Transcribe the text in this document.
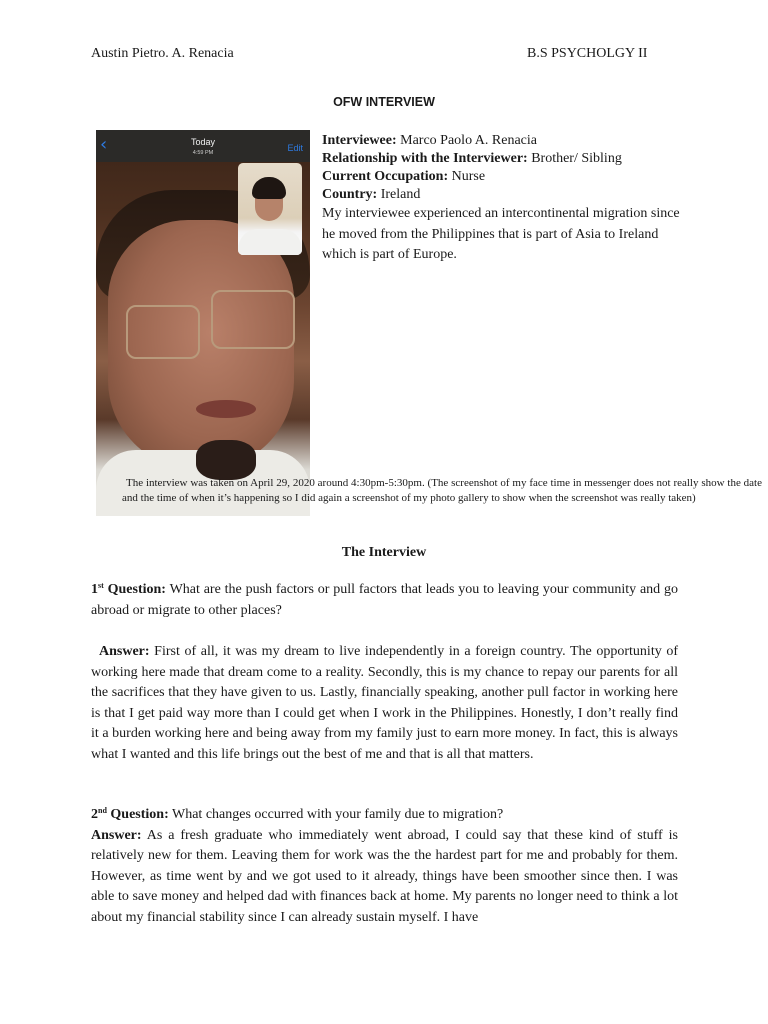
Austin Pietro. A. Renacia	B.S PSYCHOLGY II
OFW INTERVIEW
‹	Today
4:59 PM	Edit Interviewee: Marco Paolo A. Renacia
Relationship with the Interviewer: Brother/ Sibling
Current Occupation: Nurse
Country: Ireland
My interviewee experienced an intercontinental migration since he moved from the Philippines that is part of Asia to Ireland which is part of Europe.
The interview was taken on April 29, 2020 around 4:30pm-5:30pm. (The screenshot of my face time in messenger does not really show the date and the time of when it’s happening so I did again a screenshot of my photo gallery to show when the screenshot was really taken)
The Interview
1st Question: What are the push factors or pull factors that leads you to leaving your community and go abroad or migrate to other places?
Answer: First of all, it was my dream to live independently in a foreign country. The opportunity of working here made that dream come to a reality. Secondly, this is my chance to repay our parents for all the sacrifices that they have given to us. Lastly, financially speaking, another pull factor in working here is that I get paid way more than I could get when I work in the Philippines. Honestly, I don’t really find it a burden working here and being away from my family just to earn more money. In fact, this is always what I wanted and this life brings out the best of me and that is all that matters.
2nd Question: What changes occurred with your family due to migration?
Answer: As a fresh graduate who immediately went abroad, I could say that these kind of stuff is relatively new for them. Leaving them for work was the the hardest part for me and probably for them. However, as time went by and we got used to it already, things have been smoother since then. I was able to save money and helped dad with finances back at home. My parents no longer need to think a lot about my financial stability since I can already sustain myself. I have
